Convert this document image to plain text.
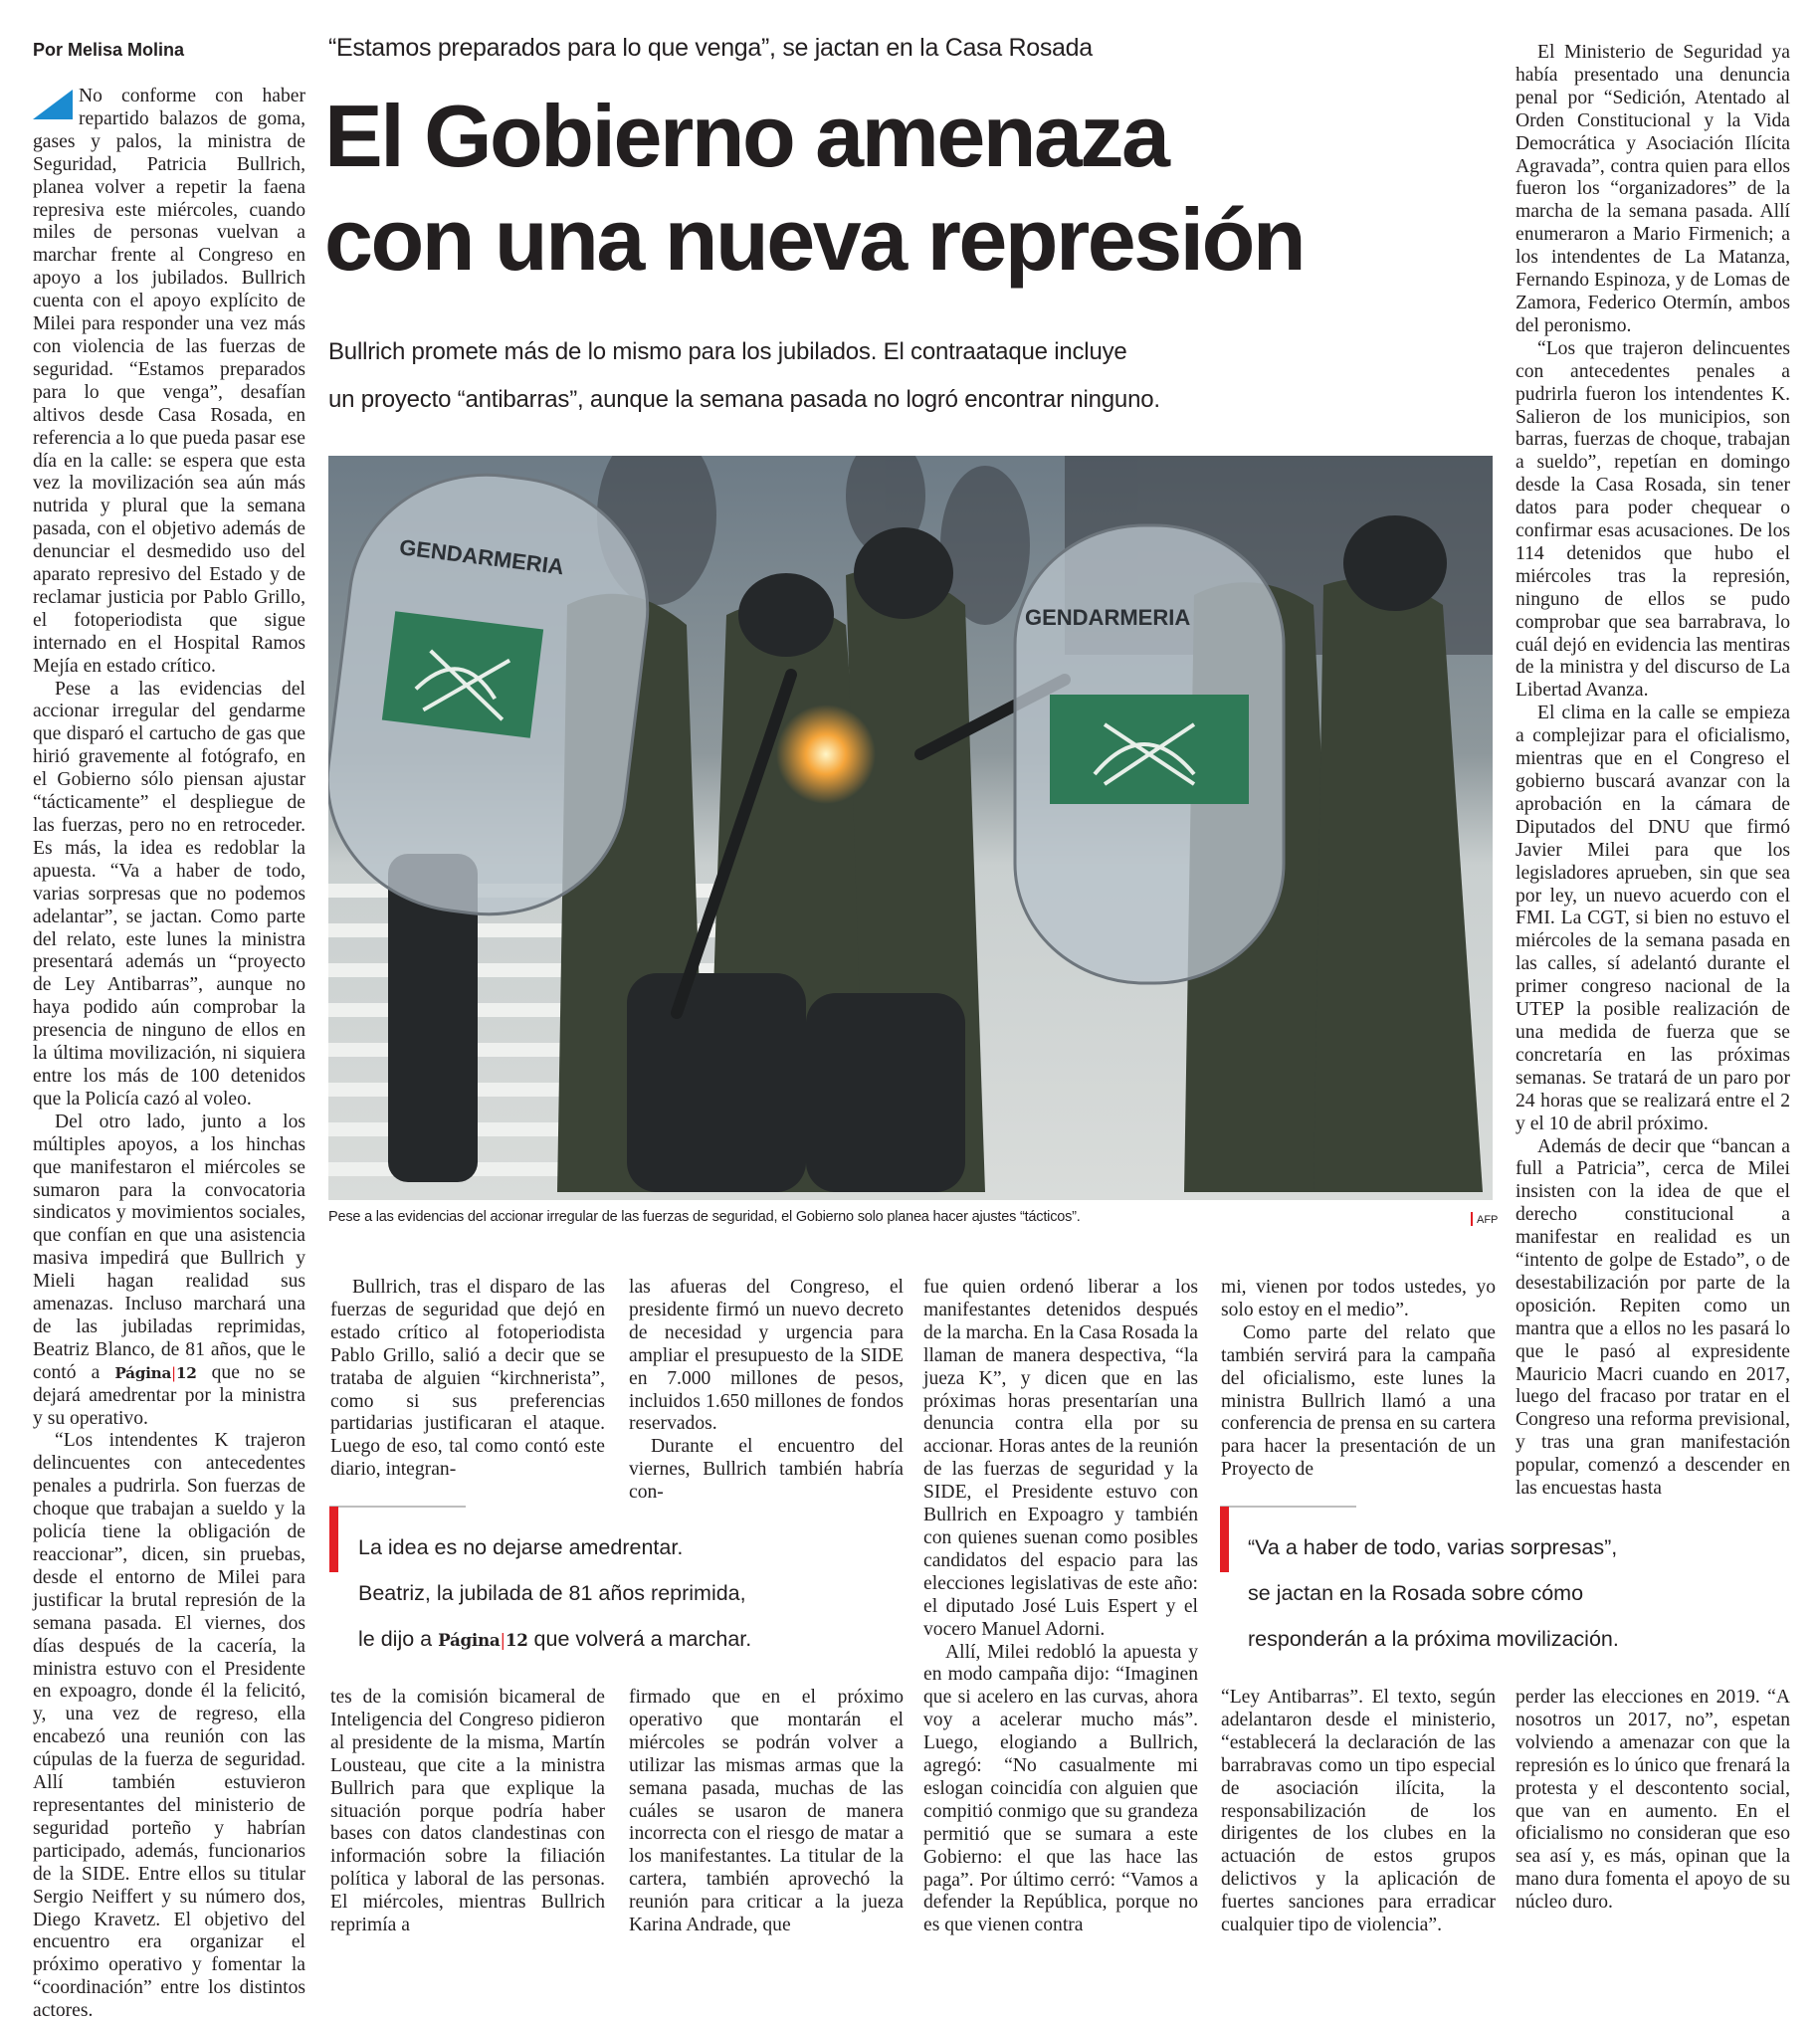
Por Melisa Molina

No conforme con haber repartido balazos de goma, gases y palos, la ministra de Seguridad, Patricia Bullrich, planea volver a repetir la faena represiva este miércoles, cuando miles de personas vuelvan a marchar frente al Congreso en apoyo a los jubilados. Bullrich cuenta con el apoyo explícito de Milei para responder una vez más con violencia de las fuerzas de seguridad. “Estamos preparados para lo que venga”, desafían altivos desde Casa Rosada, en referencia a lo que pueda pasar ese día en la calle: se espera que esta vez la movilización sea aún más nutrida y plural que la semana pasada, con el objetivo además de denunciar el desmedido uso del aparato represivo del Estado y de reclamar justicia por Pablo Grillo, el fotoperiodista que sigue internado en el Hospital Ramos Mejía en estado crítico.

Pese a las evidencias del accionar irregular del gendarme que disparó el cartucho de gas que hirió gravemente al fotógrafo, en el Gobierno sólo piensan ajustar “tácticamente” el despliegue de las fuerzas, pero no en retroceder. Es más, la idea es redoblar la apuesta. “Va a haber de todo, varias sorpresas que no podemos adelantar”, se jactan. Como parte del relato, este lunes la ministra presentará además un “proyecto de Ley Antibarras”, aunque no haya podido aún comprobar la presencia de ninguno de ellos en la última movilización, ni siquiera entre los más de 100 detenidos que la Policía cazó al voleo.

Del otro lado, junto a los múltiples apoyos, a los hinchas que manifestaron el miércoles se sumaron para la convocatoria sindicatos y movimientos sociales, que confían en que una asistencia masiva impedirá que Bullrich y Mieli hagan realidad sus amenazas. Incluso marchará una de las jubiladas reprimidas, Beatriz Blanco, de 81 años, que le contó a Página|12 que no se dejará amedrentar por la ministra y su operativo.

“Los intendentes K trajeron delincuentes con antecedentes penales a pudrirla. Son fuerzas de choque que trabajan a sueldo y la policía tiene la obligación de reaccionar”, dicen, sin pruebas, desde el entorno de Milei para justificar la brutal represión de la semana pasada. El viernes, dos días después de la cacería, la ministra estuvo con el Presidente en expoagro, donde él la felicitó, y, una vez de regreso, ella encabezó una reunión con las cúpulas de la fuerza de seguridad. Allí también estuvieron representantes del ministerio de seguridad porteño y habrían participado, además, funcionarios de la SIDE. Entre ellos su titular Sergio Neiffert y su número dos, Diego Kravetz. El objetivo del encuentro era organizar el próximo operativo y fomentar la “coordinación” entre los distintos actores.

“Estamos preparados para lo que venga”, se jactan en la Casa Rosada
El Gobierno amenaza
con una nueva represión
Bullrich promete más de lo mismo para los jubilados. El contraataque incluye
un proyecto “antibarras”, aunque la semana pasada no logró encontrar ninguno.
GENDARMERIA
GENDARMERIA
Pese a las evidencias del accionar irregular de las fuerzas de seguridad, el Gobierno solo planea hacer ajustes “tácticos”.	AFP

Bullrich, tras el disparo de las fuerzas de seguridad que dejó en estado crítico al fotoperiodista Pablo Grillo, salió a decir que se trataba de alguien “kirchnerista”, como si sus preferencias partidarias justificaran el ataque. Luego de eso, tal como contó este diario, integran-

tes de la comisión bicameral de Inteligencia del Congreso pidieron al presidente de la misma, Martín Lousteau, que cite a la ministra Bullrich para que explique la situación porque podría haber bases con datos clandestinas con información sobre la filiación política y laboral de las personas. El miércoles, mientras Bullrich reprimía a

las afueras del Congreso, el presidente firmó un nuevo decreto de necesidad y urgencia para ampliar el presupuesto de la SIDE en 7.000 millones de pesos, incluidos 1.650 millones de fondos reservados.

Durante el encuentro del viernes, Bullrich también habría con-

firmado que en el próximo operativo que montarán el miércoles se podrán volver a utilizar las mismas armas que la semana pasada, muchas de las cuáles se usaron de manera incorrecta con el riesgo de matar a los manifestantes. La titular de la cartera, también aprovechó la reunión para criticar a la jueza Karina Andrade, que

fue quien ordenó liberar a los manifestantes detenidos después de la marcha. En la Casa Rosada la llaman de manera despectiva, “la jueza K”, y dicen que en las próximas horas presentarían una denuncia contra ella por su accionar. Horas antes de la reunión de las fuerzas de seguridad y la SIDE, el Presidente estuvo con Bullrich en Expoagro y también con quienes suenan como posibles candidatos del espacio para las elecciones legislativas de este año: el diputado José Luis Espert y el vocero Manuel Adorni.

Allí, Milei redobló la apuesta y en modo campaña dijo: “Imaginen que si acelero en las curvas, ahora voy a acelerar mucho más”. Luego, elogiando a Bullrich, agregó: “No casualmente mi eslogan coincidía con alguien que compitió conmigo que su grandeza permitió que se sumara a este Gobierno: el que las hace las paga”. Por último cerró: “Vamos a defender la República, porque no es que vienen contra

mi, vienen por todos ustedes, yo solo estoy en el medio”.

Como parte del relato que también servirá para la campaña del oficialismo, este lunes la ministra Bullrich llamó a una conferencia de prensa en su cartera para hacer la presentación de un Proyecto de

“Ley Antibarras”. El texto, según adelantaron desde el ministerio, “establecerá la declaración de las barrabravas como un tipo especial de asociación ilícita, la responsabilización de los dirigentes de los clubes en la actuación de estos grupos delictivos y la aplicación de fuertes sanciones para erradicar cualquier tipo de violencia”.

El Ministerio de Seguridad ya había presentado una denuncia penal por “Sedición, Atentado al Orden Constitucional y la Vida Democrática y Asociación Ilícita Agravada”, contra quien para ellos fueron los “organizadores” de la marcha de la semana pasada. Allí enumeraron a Mario Firmenich; a los intendentes de La Matanza, Fernando Espinoza, y de Lomas de Zamora, Federico Otermín, ambos del peronismo.

“Los que trajeron delincuentes con antecedentes penales a pudrirla fueron los intendentes K. Salieron de los municipios, son barras, fuerzas de choque, trabajan a sueldo”, repetían en domingo desde la Casa Rosada, sin tener datos para poder chequear o confirmar esas acusaciones. De los 114 detenidos que hubo el miércoles tras la represión, ninguno de ellos se pudo comprobar que sea barrabrava, lo cuál dejó en evidencia las mentiras de la ministra y del discurso de La Libertad Avanza.

El clima en la calle se empieza a complejizar para el oficialismo, mientras que en el Congreso el gobierno buscará avanzar con la aprobación en la cámara de Diputados del DNU que firmó Javier Milei para que los legisladores aprueben, sin que sea por ley, un nuevo acuerdo con el FMI. La CGT, si bien no estuvo el miércoles de la semana pasada en las calles, sí adelantó durante el primer congreso nacional de la UTEP la posible realización de una medida de fuerza que se concretaría en las próximas semanas. Se tratará de un paro por 24 horas que se realizará entre el 2 y el 10 de abril próximo.

Además de decir que “bancan a full a Patricia”, cerca de Milei insisten con la idea de que el derecho constitucional a manifestar en realidad es un “intento de golpe de Estado”, o de desestabilización por parte de la oposición. Repiten como un mantra que a ellos no les pasará lo que le pasó al expresidente Mauricio Macri cuando en 2017, luego del fracaso por tratar en el Congreso una reforma previsional, y tras una gran manifestación popular, comenzó a descender en las encuestas hasta

perder las elecciones en 2019. “A nosotros un 2017, no”, espetan volviendo a amenazar con que la represión es lo único que frenará la protesta y el descontento social, que van en aumento. En el oficialismo no consideran que eso sea así y, es más, opinan que la mano dura fomenta el apoyo de su núcleo duro.

La idea es no dejarse amedrentar.
Beatriz, la jubilada de 81 años reprimida,
le dijo a Página|12 que volverá a marchar.
“Va a haber de todo, varias sorpresas”,
se jactan en la Rosada sobre cómo
responderán a la próxima movilización.
